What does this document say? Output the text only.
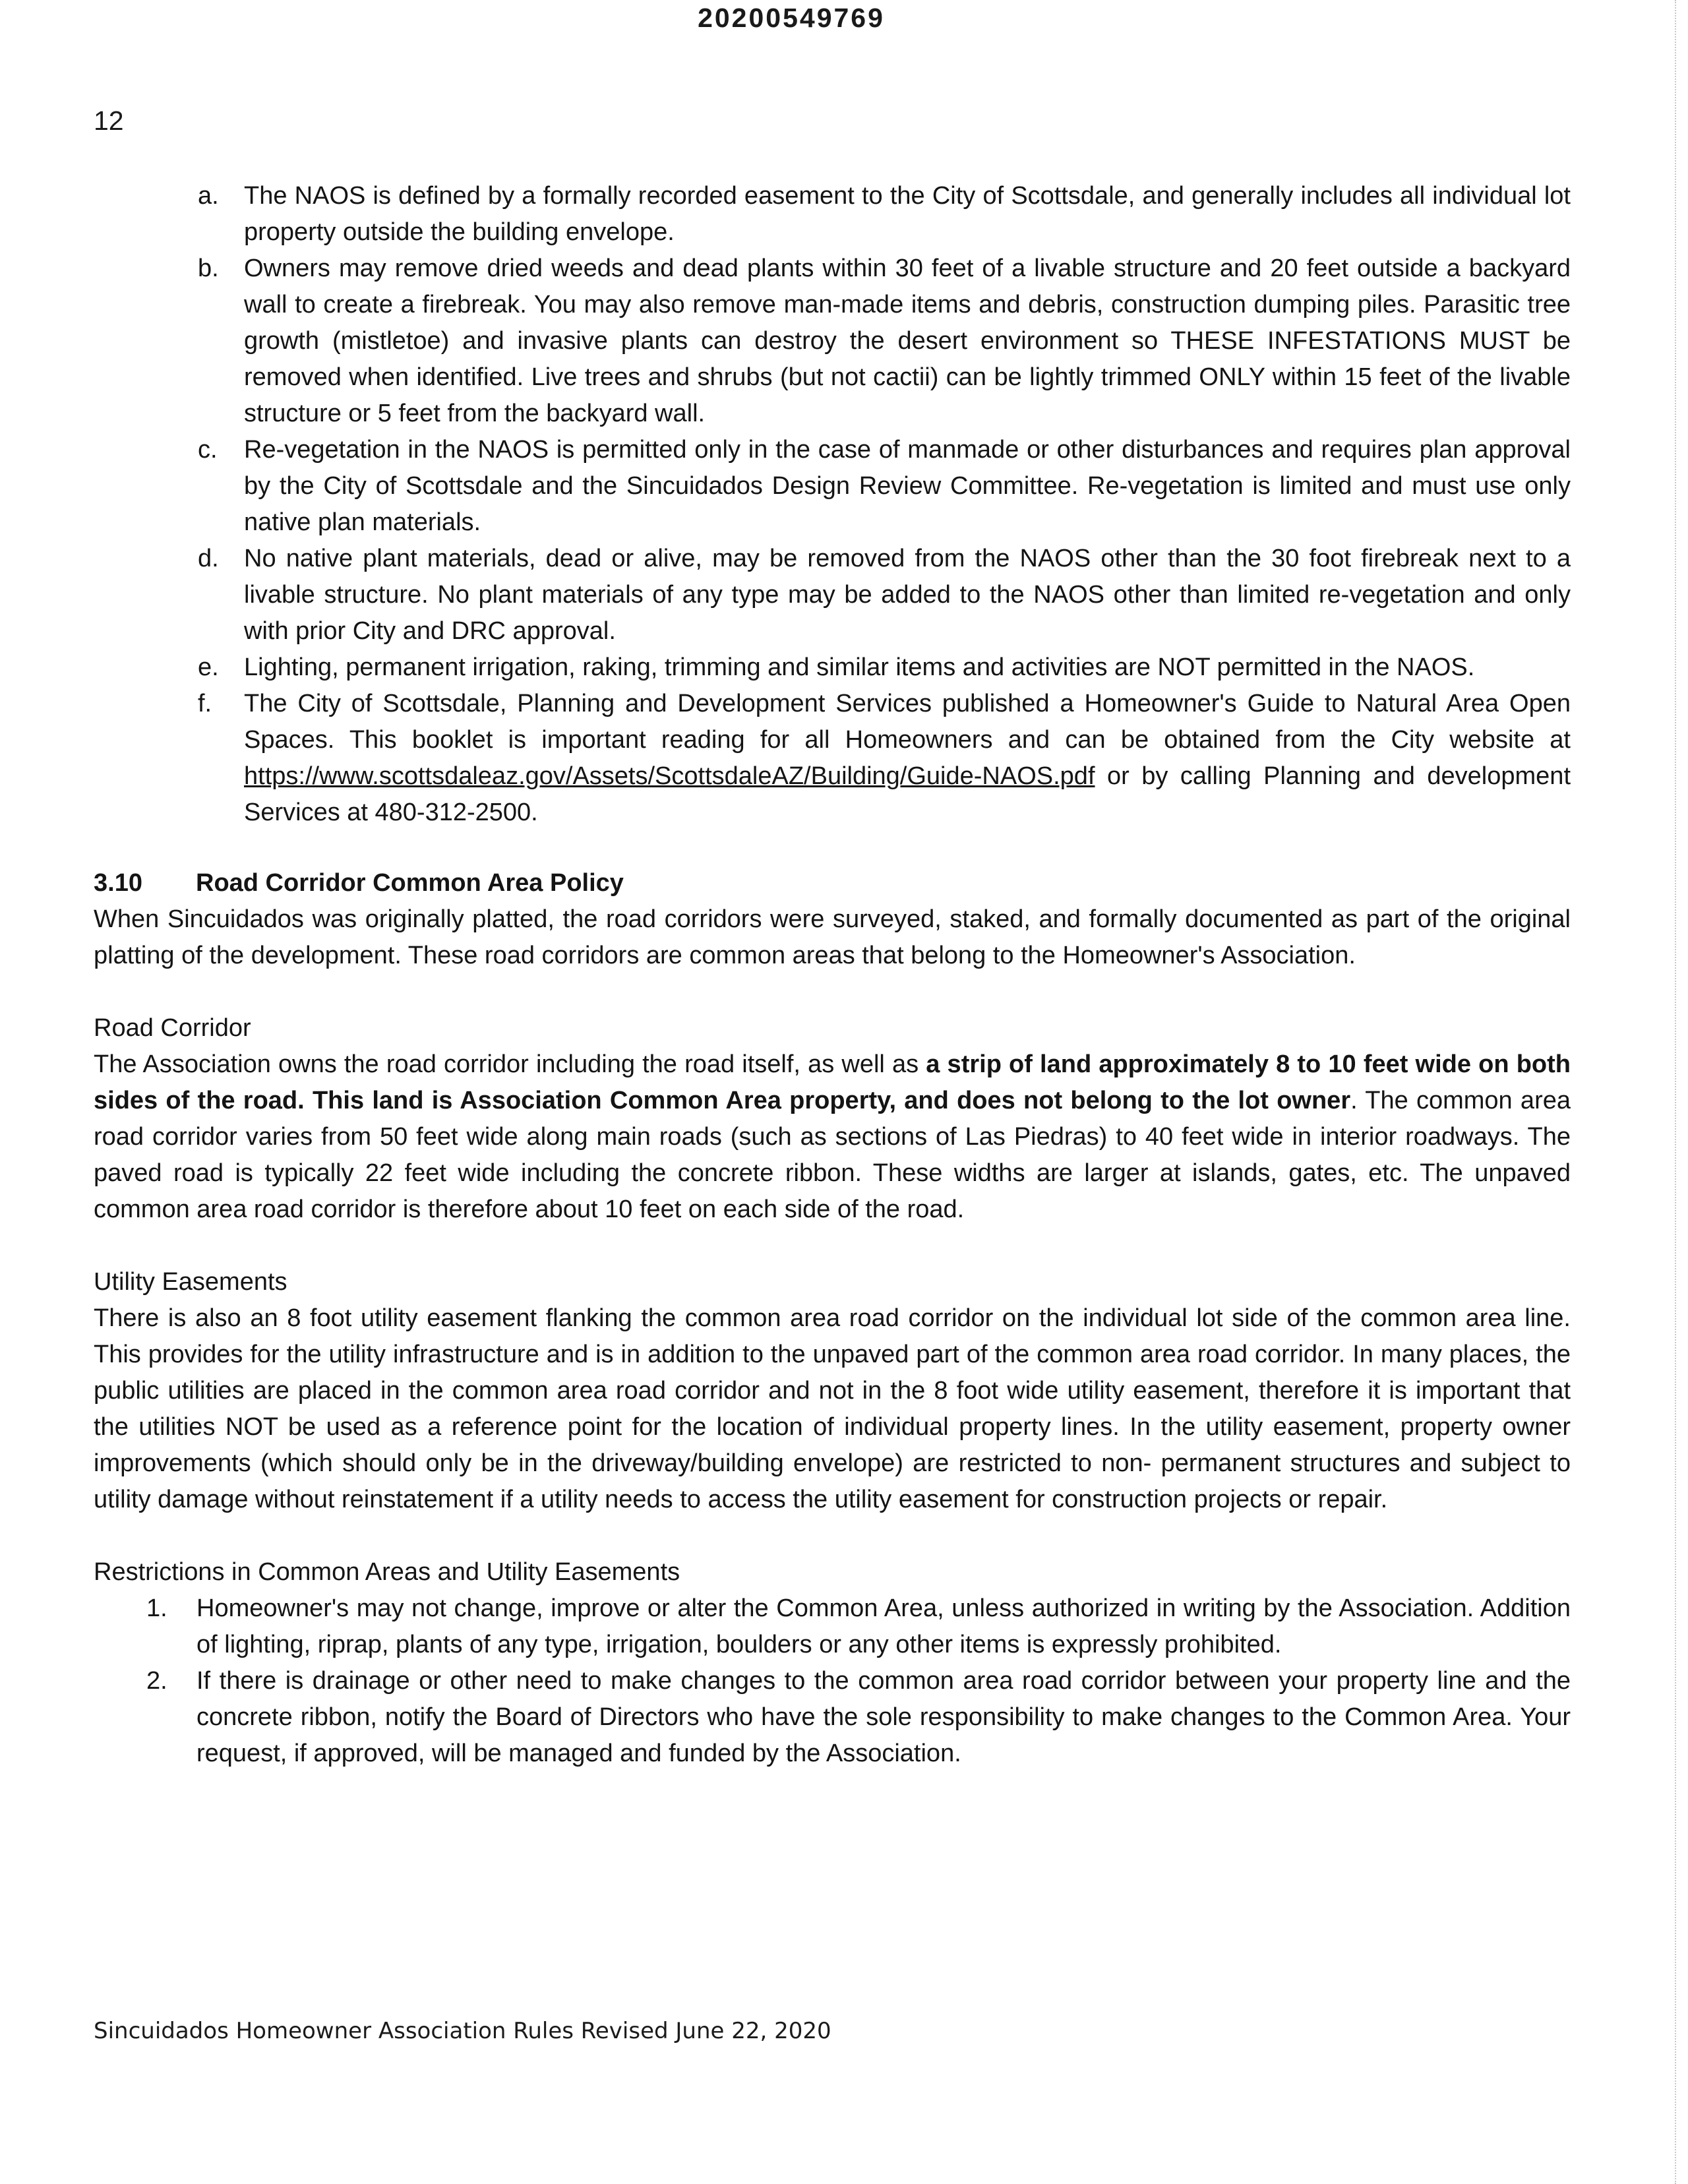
20200549769
12
a. The NAOS is defined by a formally recorded easement to the City of Scottsdale, and generally includes all individual lot property outside the building envelope.
b. Owners may remove dried weeds and dead plants within 30 feet of a livable structure and 20 feet outside a backyard wall to create a firebreak. You may also remove man-made items and debris, construction dumping piles. Parasitic tree growth (mistletoe) and invasive plants can destroy the desert environment so THESE INFESTATIONS MUST be removed when identified. Live trees and shrubs (but not cactii) can be lightly trimmed ONLY within 15 feet of the livable structure or 5 feet from the backyard wall.
c. Re-vegetation in the NAOS is permitted only in the case of manmade or other disturbances and requires plan approval by the City of Scottsdale and the Sincuidados Design Review Committee. Re-vegetation is limited and must use only native plan materials.
d. No native plant materials, dead or alive, may be removed from the NAOS other than the 30 foot firebreak next to a livable structure. No plant materials of any type may be added to the NAOS other than limited re-vegetation and only with prior City and DRC approval.
e. Lighting, permanent irrigation, raking, trimming and similar items and activities are NOT permitted in the NAOS.
f.	The City of Scottsdale, Planning and Development Services published a Homeowner's Guide to Natural Area Open Spaces. This booklet is important reading for all Homeowners and can be obtained from the City website at https://www.scottsdaleaz.gov/Assets/ScottsdaleAZ/Building/Guide-NAOS.pdf or by calling Planning and development Services at 480-312-2500.
3.10 Road Corridor Common Area Policy

When Sincuidados was originally platted, the road corridors were surveyed, staked, and formally documented as part of the original platting of the development. These road corridors are common areas that belong to the Homeowner's Association.

Road Corridor

The Association owns the road corridor including the road itself, as well as a strip of land approximately 8 to 10 feet wide on both sides of the road. This land is Association Common Area property, and does not belong to the lot owner. The common area road corridor varies from 50 feet wide along main roads (such as sections of Las Piedras) to 40 feet wide in interior roadways. The paved road is typically 22 feet wide including the concrete ribbon. These widths are larger at islands, gates, etc. The unpaved common area road corridor is therefore about 10 feet on each side of the road.

Utility Easements

There is also an 8 foot utility easement flanking the common area road corridor on the individual lot side of the common area line. This provides for the utility infrastructure and is in addition to the unpaved part of the common area road corridor. In many places, the public utilities are placed in the common area road corridor and not in the 8 foot wide utility easement, therefore it is important that the utilities NOT be used as a reference point for the location of individual property lines. In the utility easement, property owner improvements (which should only be in the driveway/building envelope) are restricted to non- permanent structures and subject to utility damage without reinstatement if a utility needs to access the utility easement for construction projects or repair.

Restrictions in Common Areas and Utility Easements

1.	Homeowner's may not change, improve or alter the Common Area, unless authorized in writing by the Association. Addition of lighting, riprap, plants of any type, irrigation, boulders or any other items is expressly prohibited.
2.	If there is drainage or other need to make changes to the common area road corridor between your property line and the concrete ribbon, notify the Board of Directors who have the sole responsibility to make changes to the Common Area. Your request, if approved, will be managed and funded by the Association.
Sincuidados Homeowner Association Rules Revised June 22, 2020
